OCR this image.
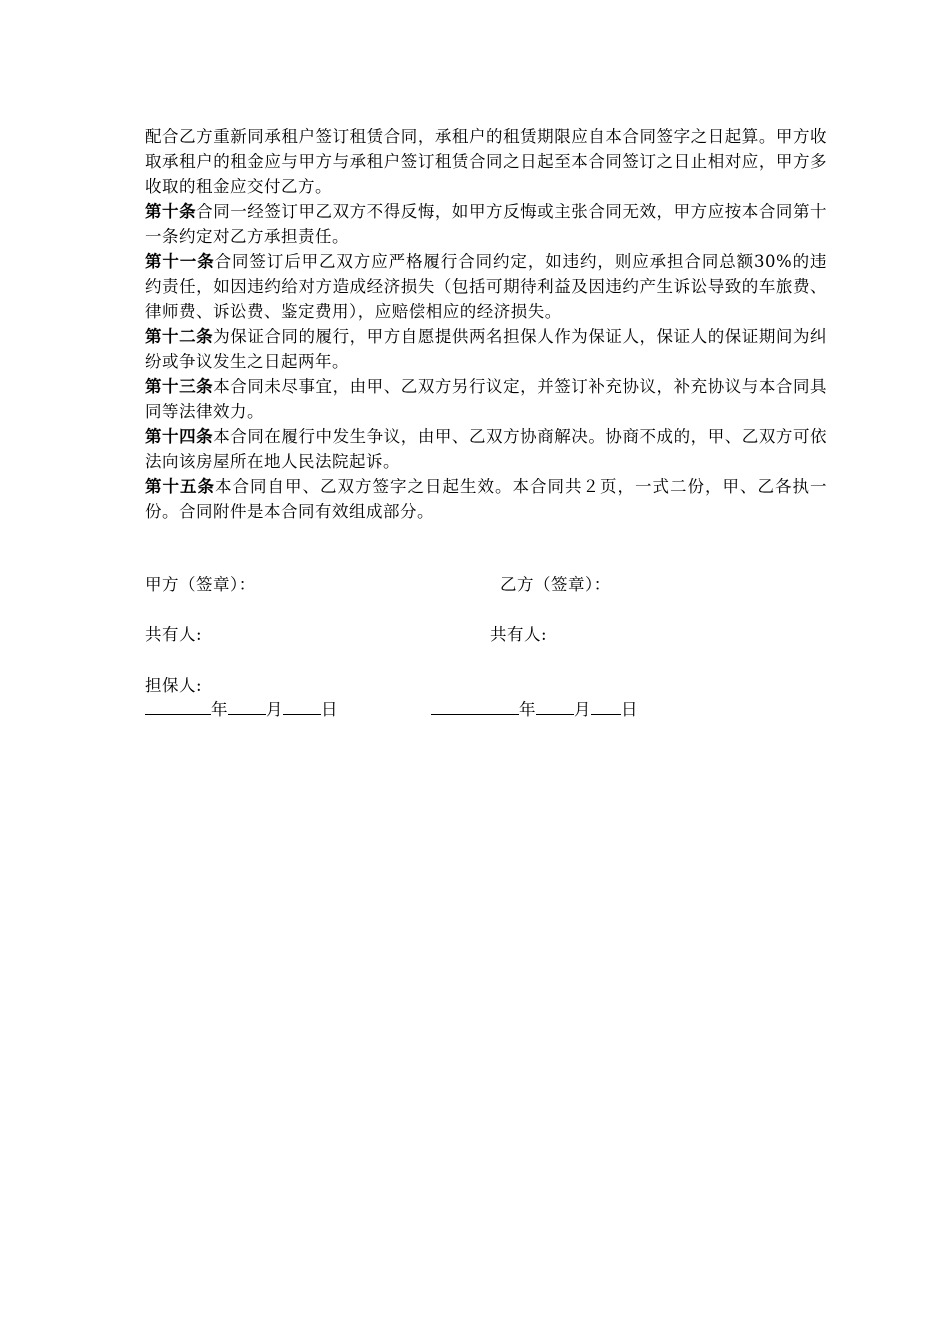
配合乙方重新同承租户签订租赁合同，承租户的租赁期限应自本合同签字之日起算。甲方收取承租户的租金应与甲方与承租户签订租赁合同之日起至本合同签订之日止相对应，甲方多收取的租金应交付乙方。

第十条合同一经签订甲乙双方不得反悔，如甲方反悔或主张合同无效，甲方应按本合同第十一条约定对乙方承担责任。

第十一条合同签订后甲乙双方应严格履行合同约定，如违约，则应承担合同总额30%的违约责任，如因违约给对方造成经济损失（包括可期待利益及因违约产生诉讼导致的车旅费、律师费、诉讼费、鉴定费用），应赔偿相应的经济损失。

第十二条为保证合同的履行，甲方自愿提供两名担保人作为保证人，保证人的保证期间为纠纷或争议发生之日起两年。

第十三条本合同未尽事宜，由甲、乙双方另行议定，并签订补充协议，补充协议与本合同具同等法律效力。

第十四条本合同在履行中发生争议，由甲、乙双方协商解决。协商不成的，甲、乙双方可依法向该房屋所在地人民法院起诉。

第十五条本合同自甲、乙双方签字之日起生效。本合同共２页，一式二份，甲、乙各执一份。合同附件是本合同有效组成部分。

甲方（签章）：	乙方（签章）：
共有人:	共有人:
担保人:
年 月 日	年 月 日
